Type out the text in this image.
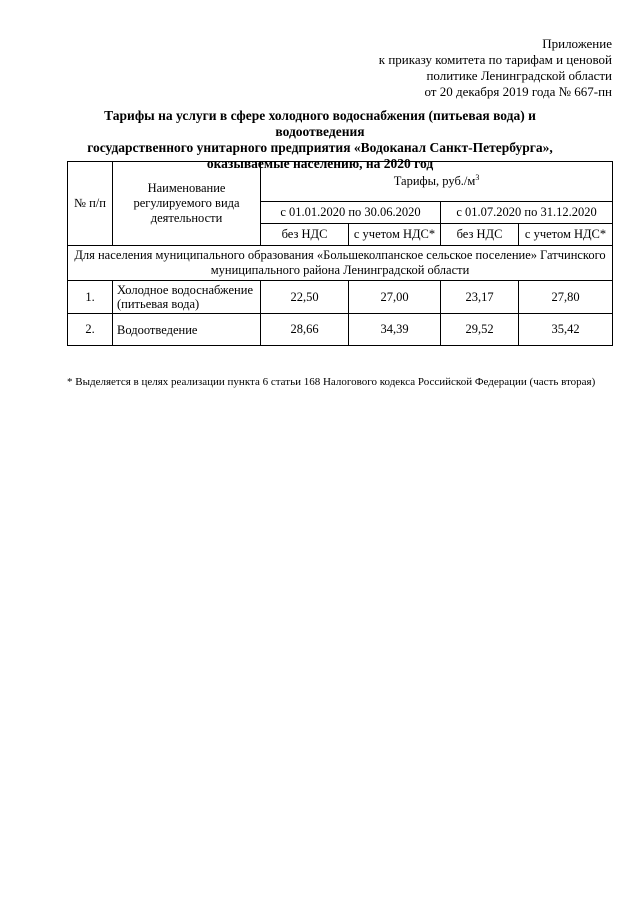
Приложение
к приказу комитета по тарифам и ценовой
политике Ленинградской области
от 20 декабря 2019 года № 667-пн
Тарифы на услуги в сфере холодного водоснабжения (питьевая вода) и водоотведения
государственного унитарного предприятия «Водоканал Санкт-Петербурга»,
оказываемые населению, на 2020 год
№ п/п	Наименование регулируемого вида деятельности	Тарифы, $руб./м^3$
		с 01.01.2020 по 30.06.2020		с 01.07.2020 по 31.12.2020	
		без НДС	с учетом НДС*	без НДС	с учетом НДС*
Для населения муниципального образования «Большеколпанское сельское поселение» Гатчинского муниципального района Ленинградской области					
1.	Холодное водоснабжение (питьевая вода)	22,50	27,00	23,17	27,80
2.	Водоотведение	28,66	34,39	29,52	35,42
* Выделяется в целях реализации пункта 6 статьи 168 Налогового кодекса Российской Федерации (часть вторая)
